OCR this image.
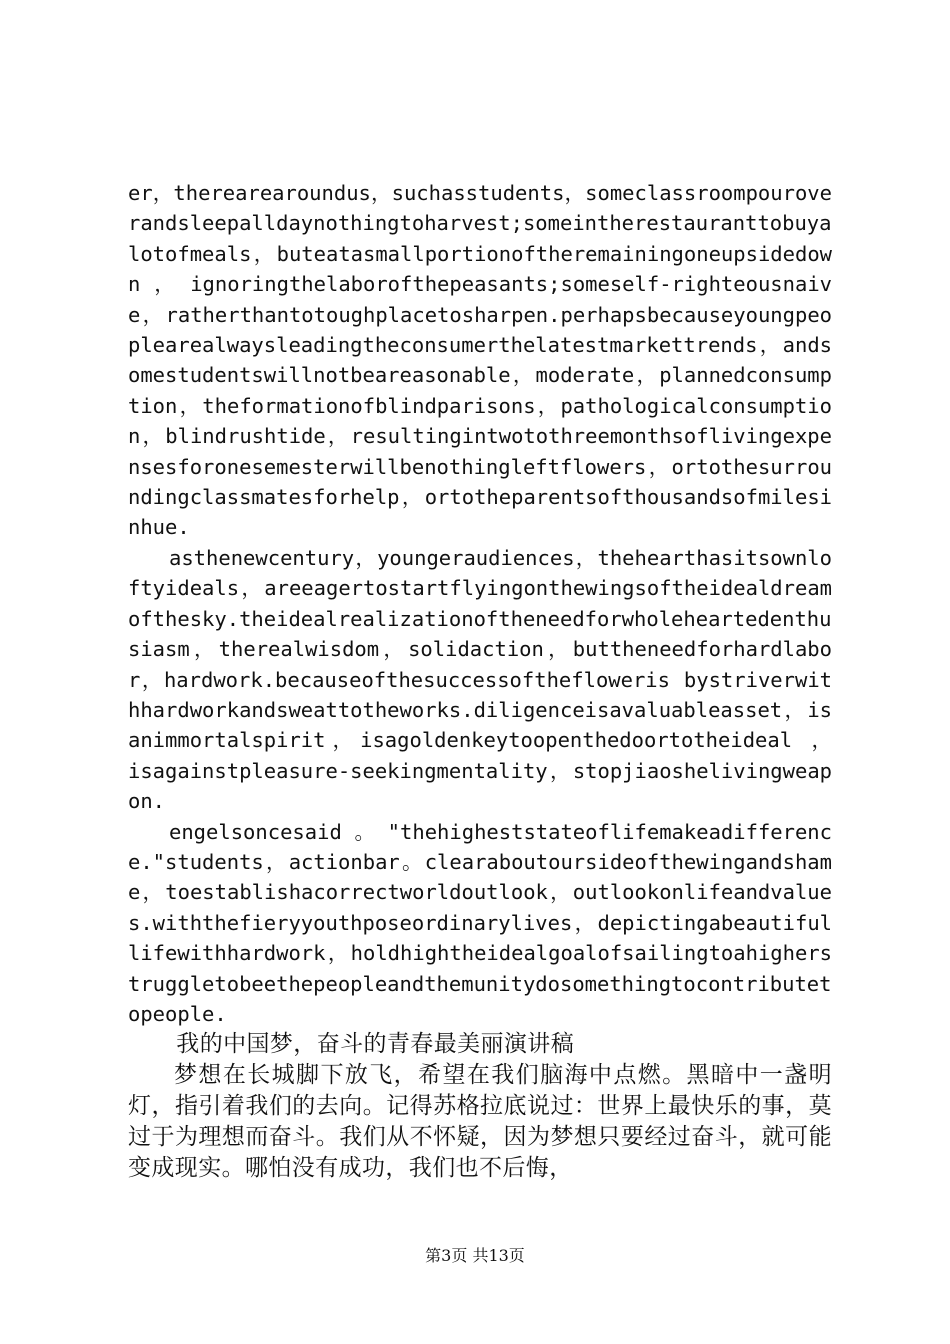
er，therearearoundus，suchasstudents，someclassroompouroverandsleepalldaynothingtoharvest;someintherestauranttobuyalotofmeals，buteatasmallportionoftheremainingoneupsidedown ， ignoringthelaborofthepeasants;someself-righteousnaive，ratherthantotoughplacetosharpen.perhapsbecauseyoungpeoplearealwaysleadingtheconsumerthelatestmarkettrends，andsomestudentswillnotbeareasonable，moderate，plannedconsumption，theformationofblindparisons，pathologicalconsumption，blindrushtide，resultingintwotothreemonthsoflivingexpensesforonesemesterwillbenothingleftflowers，ortothesurroundingclassmatesforhelp，ortotheparentsofthousandsofmilesinhue.

asthenewcentury，youngeraudiences，thehearthasitsownloftyideals，areeagertostartflyingonthewingsoftheidealdreamofthesky.theidealrealizationoftheneedforwholeheartedenthusiasm，therealwisdom，solidaction，buttheneedforhardlabor，hardwork.becauseofthesuccessofthefloweris bystriverwithhardworkandsweattotheworks.diligenceisavaluableasset，isanimmortalspirit，isagoldenkeytoopenthedoortotheideal ， isagainstpleasure-seekingmentality，stopjiaoshelivingweapon.

engelsoncesaid。"thehigheststateoflifemakeadifference."students，actionbar。clearaboutoursideofthewingandshame，toestablishacorrectworldoutlook，outlookonlifeandvalues.withthefieryyouthposeordinarylives，depictingabeautifullifewithhardwork，holdhightheidealgoalofsailingtoahigherstruggletobeethepeopleandthemunitydosomethingtocontributetopeople.

我的中国梦，奋斗的青春最美丽演讲稿

梦想在长城脚下放飞，希望在我们脑海中点燃。黑暗中一盏明灯，指引着我们的去向。记得苏格拉底说过：世界上最快乐的事，莫过于为理想而奋斗。我们从不怀疑，因为梦想只要经过奋斗，就可能变成现实。哪怕没有成功，我们也不后悔，

第3页 共13页
